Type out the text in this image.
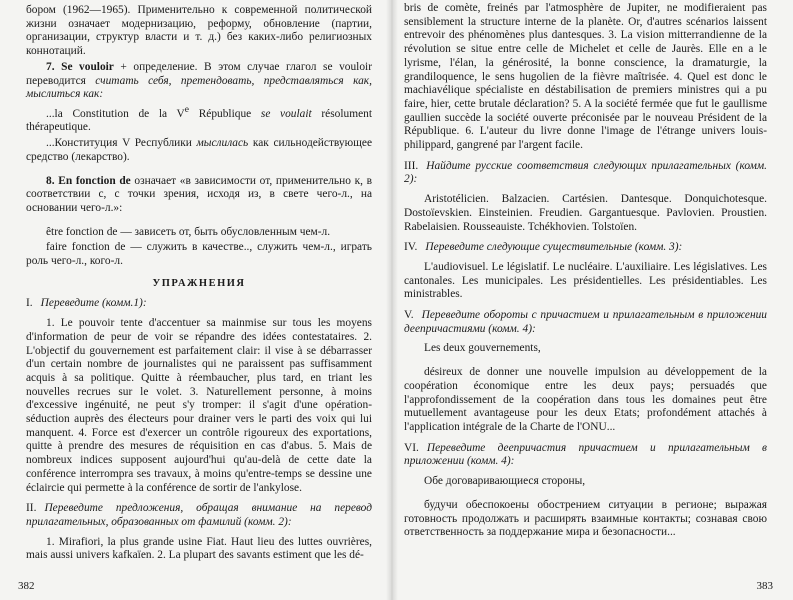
бором (1962—1965). Применительно к современной политической жизни означает модернизацию, реформу, обновление (партии, организации, структур власти и т. д.) без каких-либо религиозных коннотаций.

7. Se vouloir + определение. В этом случае глагол se vouloir переводится считать себя, претендовать, представляться как, мыслиться как:

...la Constitution de la Ve République se voulait résolument thérapeutique.

...Конституция V Республики мыслилась как сильнодействующее средство (лекарство).

8. En fonction de означает «в зависимости от, применительно к, в соответствии с, с точки зрения, исходя из, в свете чего-л., на основании чего-л.»:

être fonction de — зависеть от, быть обусловленным чем-л.

faire fonction de — служить в качестве.., служить чем-л., играть роль чего-л., кого-л.

УПРАЖНЕНИЯ

I. Переведите (комм.1):

1. Le pouvoir tente d'accentuer sa mainmise sur tous les moyens d'information de peur de voir se répandre des idées contestataires. 2. L'objectif du gouvernement est parfaitement clair: il vise à se débarrasser d'un certain nombre de journalistes qui ne paraissent pas suffisamment acquis à sa politique. Quitte à réembaucher, plus tard, en triant les nouvelles recrues sur le volet. 3. Naturellement personne, à moins d'excessive ingénuité, ne peut s'y tromper: il s'agit d'une opération-séduction auprès des électeurs pour drainer vers le parti des voix qui lui manquent. 4. Force est d'exercer un contrôle rigoureux des exportations, quitte à prendre des mesures de réquisition en cas d'abus. 5. Mais de nombreux indices supposent aujourd'hui qu'au-delà de cette date la conférence interrompra ses travaux, à moins qu'entre-temps se dessine une éclaircie qui permette à la conférence de sortir de l'ankylose.

II. Переведите предложения, обращая внимание на перевод прилагательных, образованных от фамилий (комм. 2):

1. Mirafiori, la plus grande usine Fiat. Haut lieu des luttes ouvrières, mais aussi univers kafkaïen. 2. La plupart des savants estiment que les dé-

382

bris de comète, freinés par l'atmosphère de Jupiter, ne modifieraient pas sensiblement la structure interne de la planète. Or, d'autres scénarios laissent entrevoir des phénomènes plus dantesques. 3. La vision mitterrandienne de la révolution se situe entre celle de Michelet et celle de Jaurès. Elle en a le lyrisme, l'élan, la générosité, la bonne conscience, la dramaturgie, la grandiloquence, le sens hugolien de la fièvre maîtrisée. 4. Quel est donc le machiavélique spécialiste en déstabilisation de premiers ministres qui a pu faire, hier, cette brutale déclaration? 5. A la société fermée que fut le gaullisme gaullien succède la société ouverte préconisée par le nouveau Président de la République. 6. L'auteur du livre donne l'image de l'étrange univers louis-philippard, gangrené par l'argent facile.

III. Найдите русские соответствия следующих прилагательных (комм. 2):

Aristotélicien. Balzacien. Cartésien. Dantesque. Donquichotesque. Dostoïevskien. Einsteinien. Freudien. Gargantuesque. Pavlovien. Proustien. Rabelaisien. Rousseauiste. Tchékhovien. Tolstoïen.

IV. Переведите следующие существительные (комм. 3):

L'audiovisuel. Le législatif. Le nucléaire. L'auxiliaire. Les législatives. Les cantonales. Les municipales. Les présidentielles. Les présidentiables. Les ministrables.

V. Переведите обороты с причастием и прилагательным в приложении деепричастиями (комм. 4):

Les deux gouvernements,

désireux de donner une nouvelle impulsion au développement de la coopération économique entre les deux pays; persuadés que l'approfondissement de la coopération dans tous les domaines peut être mutuellement avantageuse pour les deux Etats; profondément attachés à l'application intégrale de la Charte de l'ONU...

VI. Переведите деепричастия причастием и прилагательным в приложении (комм. 4):

Обе договаривающиеся стороны,

будучи обеспокоены обострением ситуации в регионе; выражая готовность продолжать и расширять взаимные контакты; сознавая свою ответственность за поддержание мира и безопасности...

383
